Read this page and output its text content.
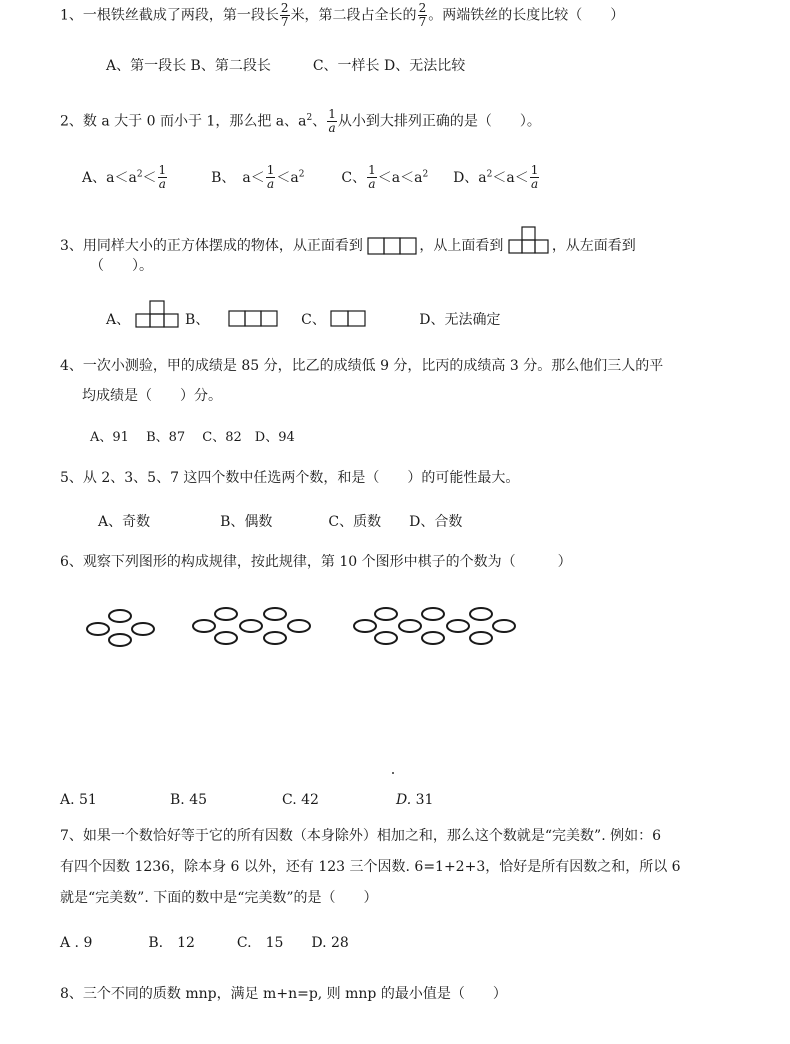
1、一根铁丝截成了两段，第一段长 $\frac{2}{7}$ 米，第二段占全长的 $\frac{2}{7}$ 。两端铁丝的长度比较（　　）
A、第一段长 B、第二段长　　　C、一样长 D、无法比较
2、数 a 大于 0 而小于 1，那么把 a、$a^2$、 $\frac{1}{a}$ 从小到大排列正确的是（　　）。
A、$a<a^2< \frac{1}{a}$	B、　$a< \frac{1}{a} <a^2$	C、 $\frac{1}{a} <a<a^2$ D、$a^2<a< \frac{1}{a}$
3、用同样大小的正方体摆成的物体，从正面看到	，从上面看到	，从左面看到
（　　）。
A、	B、	C、	D、无法确定
4、一次小测验，甲的成绩是 85 分，比乙的成绩低 9 分，比丙的成绩高 3 分。那么他们三人的平
均成绩是（　　）分。
A、91　 B、87　 C、82　D、94
5、从 2、3、5、7 这四个数中任选两个数，和是（　　）的可能性最大。
A、奇数　　　　　B、偶数　　　　C、质数　　D、合数
6、观察下列图形的构成规律，按此规律，第 10 个图形中棋子的个数为（　　　）
A. 51	B. 45	C. 42	D. 31
7、如果一个数恰好等于它的所有因数（本身除外）相加之和，那么这个数就是“完美数”. 例如：6
有四个因数 1236，除本身 6 以外，还有 123 三个因数. 6=1+2+3，恰好是所有因数之和，所以 6
就是“完美数”. 下面的数中是“完美数”的是（　　）
A . 9　　　　B.　12　　　C.　15　　D. 28
8、三个不同的质数 mnp，满足 m+n=p, 则 mnp 的最小值是（　　）
